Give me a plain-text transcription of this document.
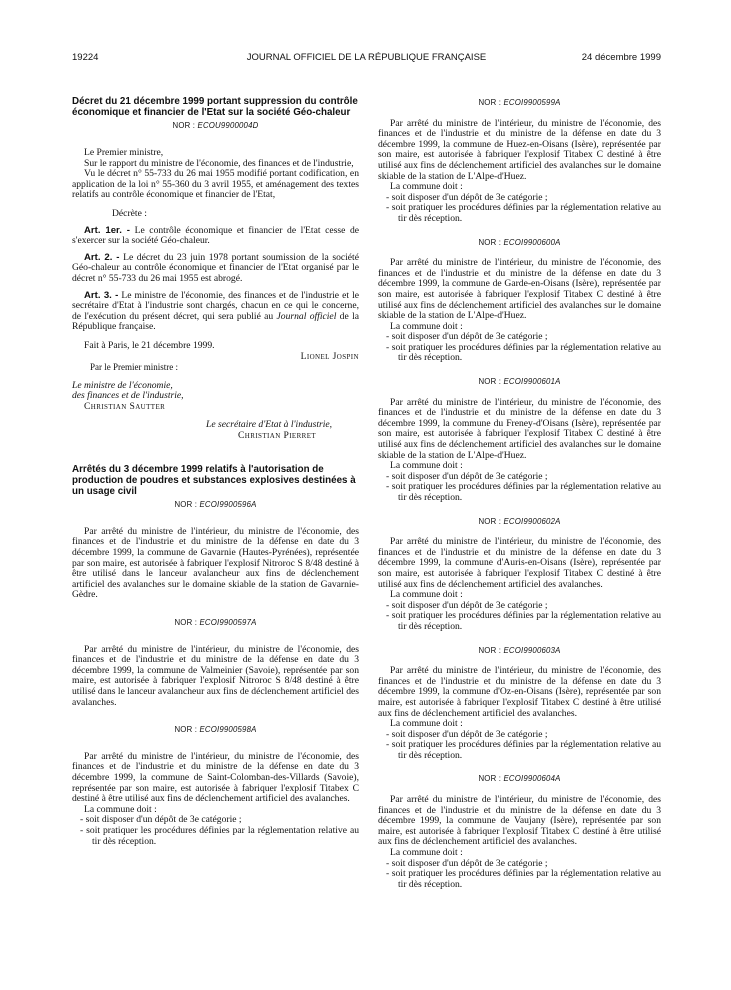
19224	JOURNAL OFFICIEL DE LA RÉPUBLIQUE FRANÇAISE	24 décembre 1999
Décret du 21 décembre 1999 portant suppression du contrôle économique et financier de l'Etat sur la société Géo-chaleur
NOR : ECOU9900004D

Le Premier ministre,

Sur le rapport du ministre de l'économie, des finances et de l'industrie,

Vu le décret n° 55-733 du 26 mai 1955 modifié portant codification, en application de la loi n° 55-360 du 3 avril 1955, et aménagement des textes relatifs au contrôle économique et financier de l'Etat,

Décrète :

Art. 1er. - Le contrôle économique et financier de l'Etat cesse de s'exercer sur la société Géo-chaleur.

Art. 2. - Le décret du 23 juin 1978 portant soumission de la société Géo-chaleur au contrôle économique et financier de l'Etat organisé par le décret n° 55-733 du 26 mai 1955 est abrogé.

Art. 3. - Le ministre de l'économie, des finances et de l'industrie et le secrétaire d'Etat à l'industrie sont chargés, chacun en ce qui le concerne, de l'exécution du présent décret, qui sera publié au Journal officiel de la République française.

Fait à Paris, le 21 décembre 1999.

Lionel Jospin
Par le Premier ministre :
Le ministre de l'économie,
des finances et de l'industrie,
Christian Sautter
Le secrétaire d'Etat à l'industrie,
Christian Pierret
Arrêtés du 3 décembre 1999 relatifs à l'autorisation de production de poudres et substances explosives destinées à un usage civil
NOR : ECOI9900596A

Par arrêté du ministre de l'intérieur, du ministre de l'économie, des finances et de l'industrie et du ministre de la défense en date du 3 décembre 1999, la commune de Gavarnie (Hautes-Pyrénées), représentée par son maire, est autorisée à fabriquer l'explosif Nitroroc S 8/48 destiné à être utilisé dans le lanceur avalancheur aux fins de déclenchement artificiel des avalanches sur le domaine skiable de la station de Gavarnie-Gèdre.

NOR : ECOI9900597A

Par arrêté du ministre de l'intérieur, du ministre de l'économie, des finances et de l'industrie et du ministre de la défense en date du 3 décembre 1999, la commune de Valmeinier (Savoie), représentée par son maire, est autorisée à fabriquer l'explosif Nitroroc S 8/48 destiné à être utilisé dans le lanceur avalancheur aux fins de déclenchement artificiel des avalanches.

NOR : ECOI9900598A

Par arrêté du ministre de l'intérieur, du ministre de l'économie, des finances et de l'industrie et du ministre de la défense en date du 3 décembre 1999, la commune de Saint-Colomban-des-Villards (Savoie), représentée par son maire, est autorisée à fabriquer l'explosif Titabex C destiné à être utilisé aux fins de déclenchement artificiel des avalanches.

La commune doit :

- soit disposer d'un dépôt de 3e catégorie ;

- soit pratiquer les procédures définies par la réglementation relative au tir dès réception.

NOR : ECOI9900599A

Par arrêté du ministre de l'intérieur, du ministre de l'économie, des finances et de l'industrie et du ministre de la défense en date du 3 décembre 1999, la commune de Huez-en-Oisans (Isère), représentée par son maire, est autorisée à fabriquer l'explosif Titabex C destiné à être utilisé aux fins de déclenchement artificiel des avalanches sur le domaine skiable de la station de L'Alpe-d'Huez.

La commune doit :

- soit disposer d'un dépôt de 3e catégorie ;

- soit pratiquer les procédures définies par la réglementation relative au tir dès réception.

NOR : ECOI9900600A

Par arrêté du ministre de l'intérieur, du ministre de l'économie, des finances et de l'industrie et du ministre de la défense en date du 3 décembre 1999, la commune de Garde-en-Oisans (Isère), représentée par son maire, est autorisée à fabriquer l'explosif Titabex C destiné à être utilisé aux fins de déclenchement artificiel des avalanches sur le domaine skiable de la station de L'Alpe-d'Huez.

La commune doit :

- soit disposer d'un dépôt de 3e catégorie ;

- soit pratiquer les procédures définies par la réglementation relative au tir dès réception.

NOR : ECOI9900601A

Par arrêté du ministre de l'intérieur, du ministre de l'économie, des finances et de l'industrie et du ministre de la défense en date du 3 décembre 1999, la commune du Freney-d'Oisans (Isère), représentée par son maire, est autorisée à fabriquer l'explosif Titabex C destiné à être utilisé aux fins de déclenchement artificiel des avalanches sur le domaine skiable de la station de L'Alpe-d'Huez.

La commune doit :

- soit disposer d'un dépôt de 3e catégorie ;

- soit pratiquer les procédures définies par la réglementation relative au tir dès réception.

NOR : ECOI9900602A

Par arrêté du ministre de l'intérieur, du ministre de l'économie, des finances et de l'industrie et du ministre de la défense en date du 3 décembre 1999, la commune d'Auris-en-Oisans (Isère), représentée par son maire, est autorisée à fabriquer l'explosif Titabex C destiné à être utilisé aux fins de déclenchement artificiel des avalanches.

La commune doit :

- soit disposer d'un dépôt de 3e catégorie ;

- soit pratiquer les procédures définies par la réglementation relative au tir dès réception.

NOR : ECOI9900603A

Par arrêté du ministre de l'intérieur, du ministre de l'économie, des finances et de l'industrie et du ministre de la défense en date du 3 décembre 1999, la commune d'Oz-en-Oisans (Isère), représentée par son maire, est autorisée à fabriquer l'explosif Titabex C destiné à être utilisé aux fins de déclenchement artificiel des avalanches.

La commune doit :

- soit disposer d'un dépôt de 3e catégorie ;

- soit pratiquer les procédures définies par la réglementation relative au tir dès réception.

NOR : ECOI9900604A

Par arrêté du ministre de l'intérieur, du ministre de l'économie, des finances et de l'industrie et du ministre de la défense en date du 3 décembre 1999, la commune de Vaujany (Isère), représentée par son maire, est autorisée à fabriquer l'explosif Titabex C destiné à être utilisé aux fins de déclenchement artificiel des avalanches.

La commune doit :

- soit disposer d'un dépôt de 3e catégorie ;

- soit pratiquer les procédures définies par la réglementation relative au tir dès réception.
